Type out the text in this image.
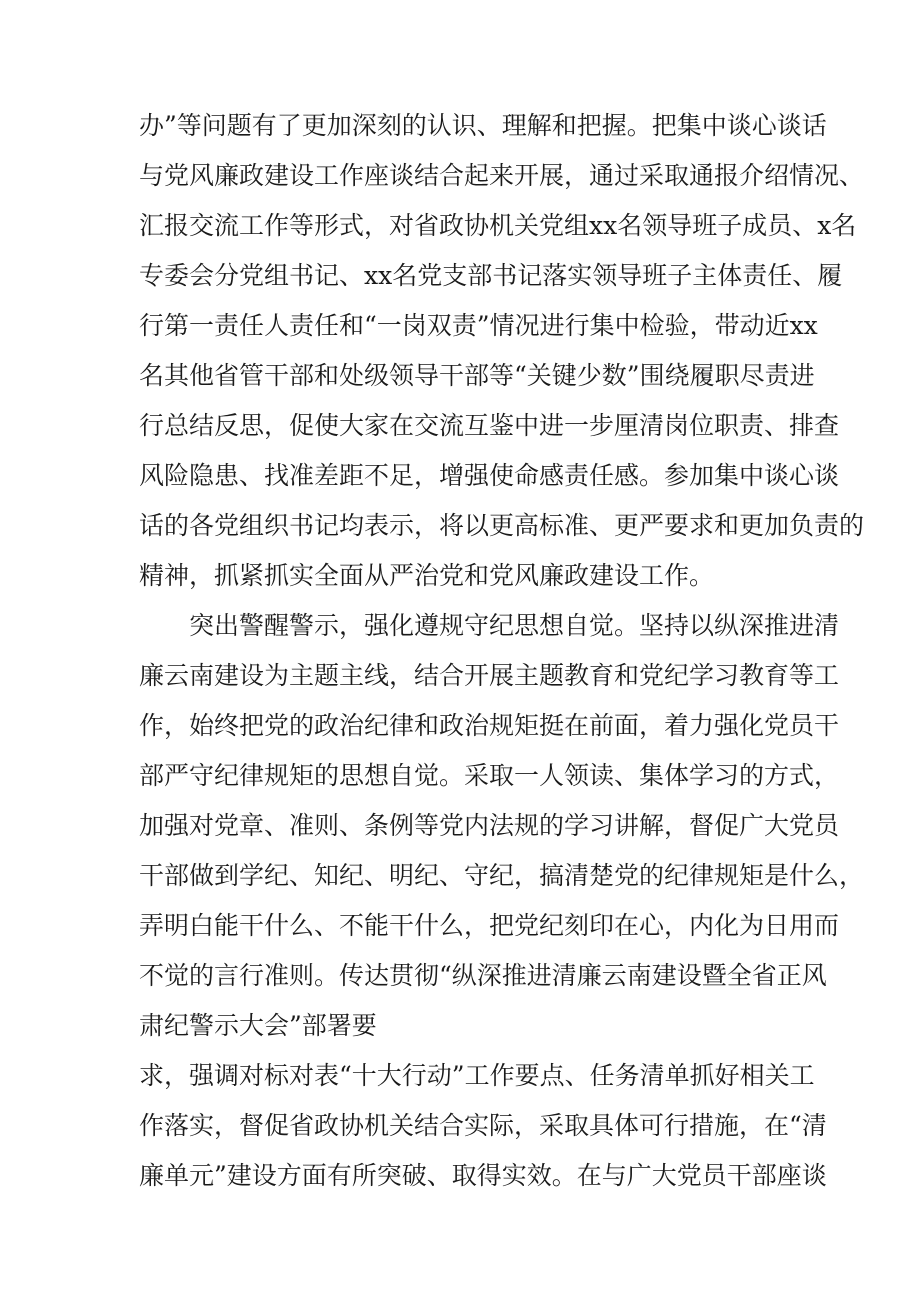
办”等问题有了更加深刻的认识、理解和把握。把集中谈心谈话
与党风廉政建设工作座谈结合起来开展，通过采取通报介绍情况、
汇报交流工作等形式，对省政协机关党组xx名领导班子成员、x名
专委会分党组书记、xx名党支部书记落实领导班子主体责任、履
行第一责任人责任和“一岗双责”情况进行集中检验，带动近xx
名其他省管干部和处级领导干部等“关键少数”围绕履职尽责进
行总结反思，促使大家在交流互鉴中进一步厘清岗位职责、排查
风险隐患、找准差距不足，增强使命感责任感。参加集中谈心谈
话的各党组织书记均表示，将以更高标准、更严要求和更加负责的
精神，抓紧抓实全面从严治党和党风廉政建设工作。
突出警醒警示，强化遵规守纪思想自觉。坚持以纵深推进清
廉云南建设为主题主线，结合开展主题教育和党纪学习教育等工
作，始终把党的政治纪律和政治规矩挺在前面，着力强化党员干
部严守纪律规矩的思想自觉。采取一人领读、集体学习的方式，
加强对党章、准则、条例等党内法规的学习讲解，督促广大党员
干部做到学纪、知纪、明纪、守纪，搞清楚党的纪律规矩是什么，
弄明白能干什么、不能干什么，把党纪刻印在心，内化为日用而
不觉的言行准则。传达贯彻“纵深推进清廉云南建设暨全省正风
肃纪警示大会”部署要
求，强调对标对表“十大行动”工作要点、任务清单抓好相关工
作落实，督促省政协机关结合实际，采取具体可行措施，在“清
廉单元”建设方面有所突破、取得实效。在与广大党员干部座谈
